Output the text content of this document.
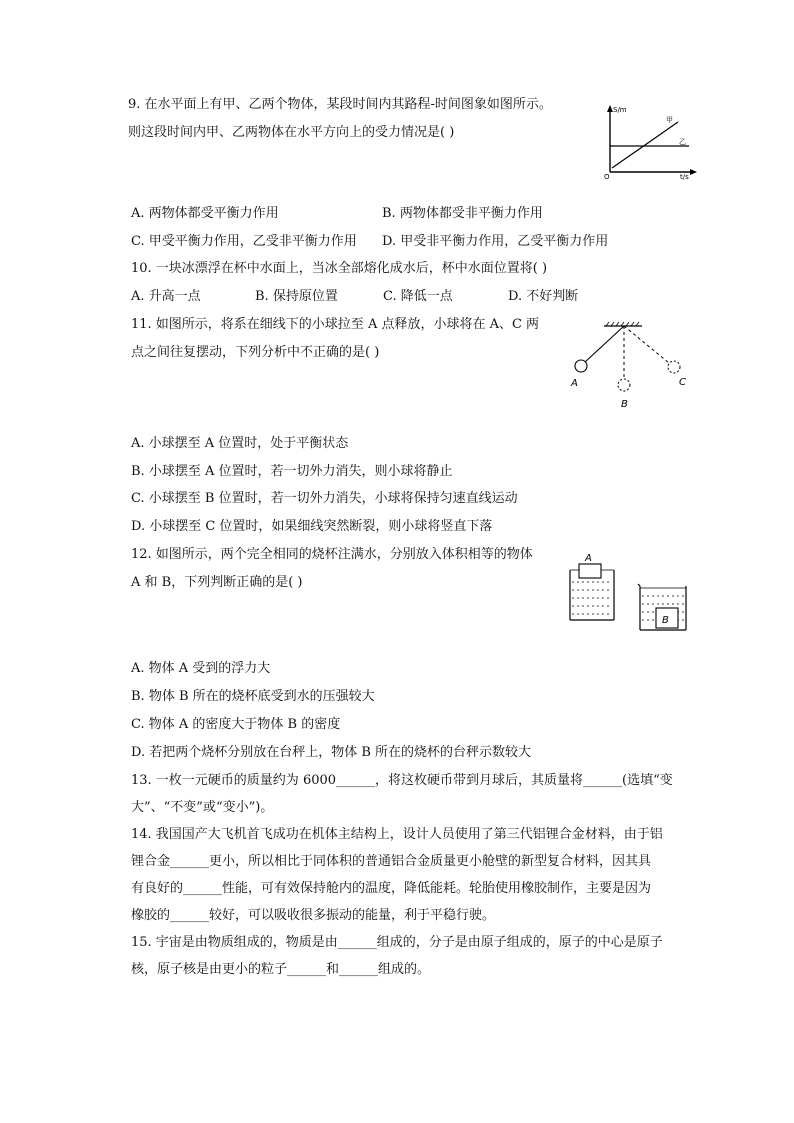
9. 在水平面上有甲、乙两个物体，某段时间内其路程-时间图象如图所示。
则这段时间内甲、乙两物体在水平方向上的受力情况是( )
S/m
t/s
O
甲
乙
A. 两物体都受平衡力作用	B. 两物体都受非平衡力作用
C. 甲受平衡力作用，乙受非平衡力作用 D. 甲受非平衡力作用，乙受平衡力作用
10. 一块冰漂浮在杯中水面上，当冰全部熔化成水后，杯中水面位置将( )
A. 升高一点	B. 保持原位置	C. 降低一点	D. 不好判断
11. 如图所示，将系在细线下的小球拉至 A 点释放，小球将在 A、C 两
点之间往复摆动，下列分析中不正确的是( )
A
B
C
A. 小球摆至 A 位置时，处于平衡状态
B. 小球摆至 A 位置时，若一切外力消失，则小球将静止
C. 小球摆至 B 位置时，若一切外力消失，小球将保持匀速直线运动
D. 小球摆至 C 位置时，如果细线突然断裂，则小球将竖直下落
12. 如图所示，两个完全相同的烧杯注满水，分别放入体积相等的物体
A 和 B，下列判断正确的是( )
A
B
A. 物体 A 受到的浮力大
B. 物体 B 所在的烧杯底受到水的压强较大
C. 物体 A 的密度大于物体 B 的密度
D. 若把两个烧杯分别放在台秤上，物体 B 所在的烧杯的台秤示数较大
13. 一枚一元硬币的质量约为 6000______，将这枚硬币带到月球后，其质量将______(选填“变
大”、“不变”或“变小”)。
14. 我国国产大飞机首飞成功在机体主结构上，设计人员使用了第三代铝锂合金材料，由于铝
锂合金______更小，所以相比于同体积的普通铝合金质量更小舱壁的新型复合材料，因其具
有良好的______性能，可有效保持舱内的温度，降低能耗。轮胎使用橡胶制作，主要是因为
橡胶的______较好，可以吸收很多振动的能量，利于平稳行驶。
15. 宇宙是由物质组成的，物质是由______组成的，分子是由原子组成的，原子的中心是原子
核，原子核是由更小的粒子______和______组成的。
